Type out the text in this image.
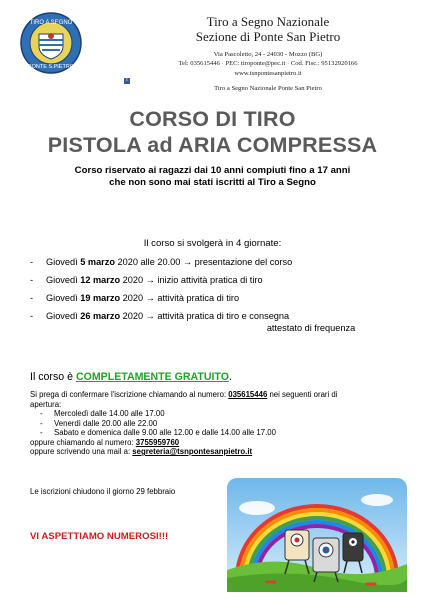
TIRO A SEGNO
PONTE S.PIETRO
Tiro a Segno Nazionale
Sezione di Ponte San Pietro
Via Pascoletto, 24 - 24030 - Mozzo (BG)
Tel: 035615446 · PEC: tiroponte@pec.it · Cod. Fisc.: 95132920166
www.tsnpontesanpietro.it
f
Tiro a Segno Nazionale Ponte San Pietro
CORSO DI TIRO
PISTOLA ad ARIA COMPRESSA
Corso riservato ai ragazzi dai 10 anni compiuti fino a 17 anni
che non sono mai stati iscritti al Tiro a Segno
Il corso si svolgerà in 4 giornate:
- Giovedì 5 marzo 2020 alle 20.00 → presentazione del corso
- Giovedì 12 marzo 2020 → inizio attività pratica di tiro
- Giovedì 19 marzo 2020 → attività pratica di tiro
- Giovedì 26 marzo 2020 → attività pratica di tiro e consegna
attestato di frequenza
Il corso è COMPLETAMENTE GRATUITO.
Si prega di confermare l'iscrizione chiamando al numero: 035615446 nei seguenti orari di
apertura:
- Mercoledì dalle 14.00 alle 17.00
- Venerdì dalle 20.00 alle 22.00
- Sabato e domenica dalle 9.00 alle 12.00 e dalle 14.00 alle 17.00
oppure chiamando al numero: 3755959760
oppure scrivendo una mail a: segreteria@tsnpontesanpietro.it
Le iscrizioni chiudono il giorno 29 febbraio
VI ASPETTIAMO NUMEROSI!!!
